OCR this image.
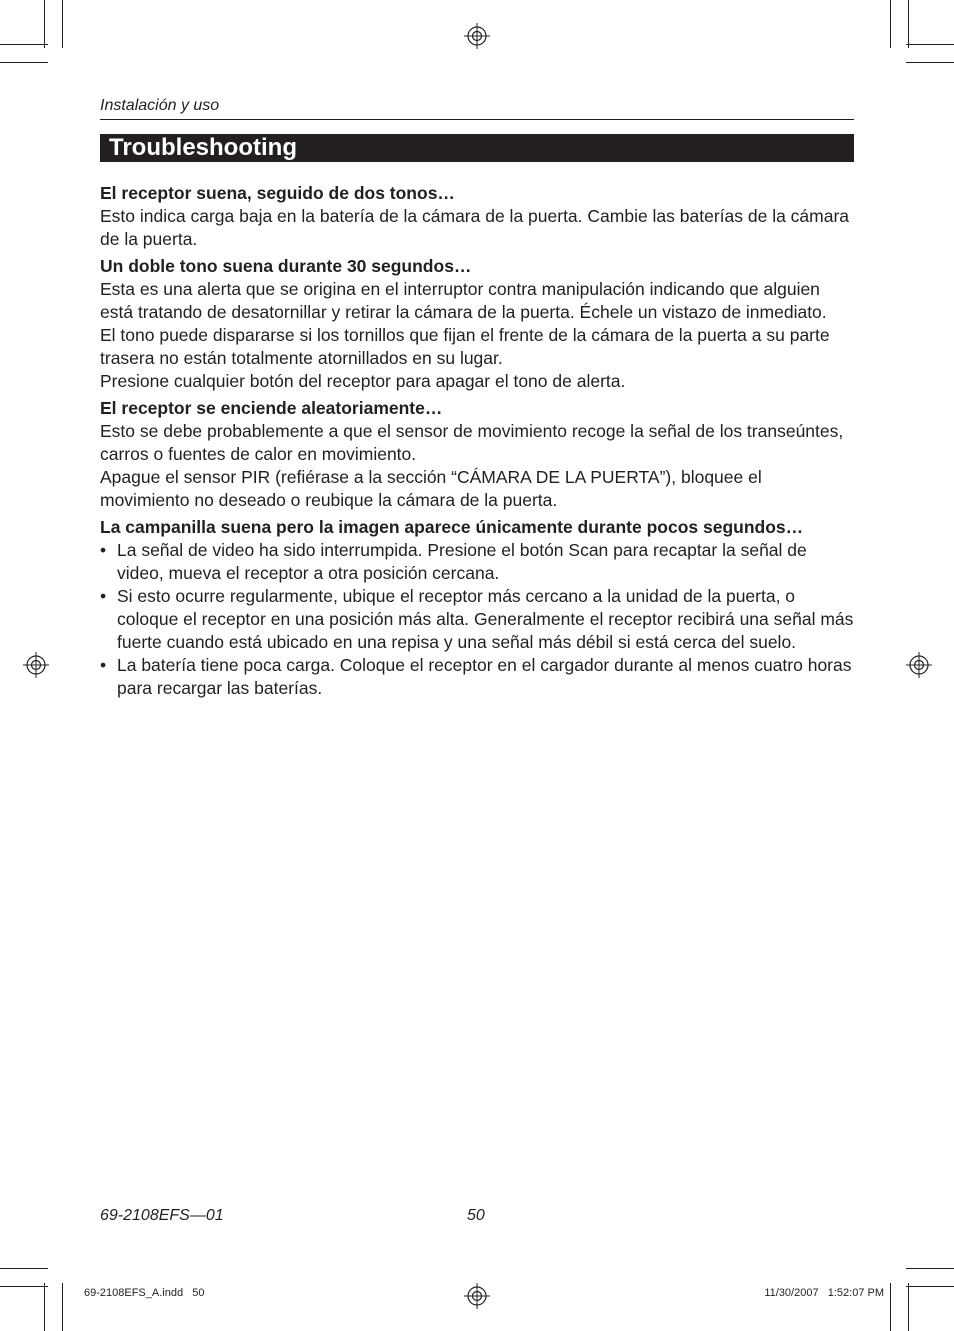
Instalación y uso
Troubleshooting
El receptor suena, seguido de dos tonos…

Esto indica carga baja en la batería de la cámara de la puerta. Cambie las baterías de la cámara de la puerta.

Un doble tono suena durante 30 segundos…

Esta es una alerta que se origina en el interruptor contra manipulación indicando que alguien está tratando de desatornillar y retirar la cámara de la puerta. Échele un vistazo de inmediato.

El tono puede dispararse si los tornillos que fijan el frente de la cámara de la puerta a su parte trasera no están totalmente atornillados en su lugar.

Presione cualquier botón del receptor para apagar el tono de alerta.

El receptor se enciende aleatoriamente…

Esto se debe probablemente a que el sensor de movimiento recoge la señal de los transeúntes, carros o fuentes de calor en movimiento.

Apague el sensor PIR (refiérase a la sección “CÁMARA DE LA PUERTA”), bloquee el movimiento no deseado o reubique la cámara de la puerta.

La campanilla suena pero la imagen aparece únicamente durante pocos segundos…
• La señal de video ha sido interrumpida. Presione el botón Scan para recaptar la señal de video, mueva el receptor a otra posición cercana.
• Si esto ocurre regularmente, ubique el receptor más cercano a la unidad de la puerta, o coloque el receptor en una posición más alta. Generalmente el receptor recibirá una señal más fuerte cuando está ubicado en una repisa y una señal más débil si está cerca del suelo.
• La batería tiene poca carga. Coloque el receptor en el cargador durante al menos cuatro horas para recargar las baterías.
69-2108EFS—01	50
69-2108EFS_A.indd   50	11/30/2007   1:52:07 PM
